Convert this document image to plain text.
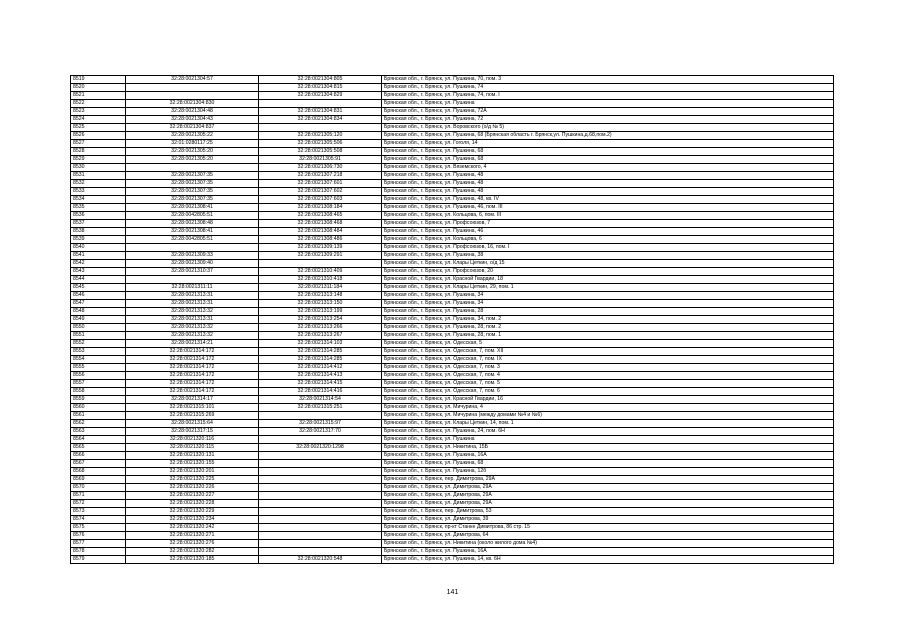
8519	32:28:0021304:57	32:28:0021304:805	Брянская обл., г. Брянск, ул. Пушкина, 70, пом. 3
8520		32:28:0021304:815	Брянская обл., г. Брянск, ул. Пушкина, 74
8521		32:28:0021304:829	Брянская обл., г. Брянск, ул. Пушкина, 74, пом. I
8522	32:28:0021304:830		Брянская обл., г. Брянск, ул. Пушкина
8523	32:28:0021304:48	32:28:0021304:831	Брянская обл., г. Брянск, ул. Пушкина, 72А
8524	32:28:0021304:43	32:28:0021304:834	Брянская обл., г. Брянск, ул. Пушкина, 72
8525	32:28:0021304:837		Брянская обл., г. Брянск, ул. Воровского (о/д № 5)
8526	32:28:0021305:22	32:28:0021305:120	Брянская обл., г. Брянск, ул. Пушкина, 68 (Брянская область г. Брянск,ул. Пушкина,д.68,пом.2)
8527	32:01:0280117:25	32:28:0021305:506	Брянская обл., г. Брянск, ул. Гоголя, 14
8528	32:28:0021305:20	32:28:0021305:508	Брянская обл., г. Брянск, ул. Пушкина, 68
8529	32:28:0021305:20	32:28:0021305:91	Брянская обл., г. Брянск, ул. Пушкина, 68
8530		32:28:0021306:730	Брянская обл., г. Брянск, ул. Вяземского, 4
8531	32:28:0021307:35	32:28:0021307:218	Брянская обл., г. Брянск, ул. Пушкина, 48
8532	32:28:0021307:35	32:28:0021307:601	Брянская обл., г. Брянск, ул. Пушкина, 48
8533	32:28:0021307:35	32:28:0021307:602	Брянская обл., г. Брянск, ул. Пушкина, 48
8534	32:28:0021307:35	32:28:0021307:603	Брянская обл., г. Брянск, ул. Пушкина, 48, кв. IV
8535	32:28:0021308:41	32:28:0021308:184	Брянская обл., г. Брянск, ул. Пушкина, 46, пом. III
8536	32:28:0042805:51	32:28:0021308:465	Брянская обл., г. Брянск, ул. Кольцова, 6, пом. III
8537	32:28:0021308:48	32:28:0021308:468	Брянская обл., г. Брянск, ул. Профсоюзов, 7
8538	32:28:0021308:41	32:28:0021308:484	Брянская обл., г. Брянск, ул. Пушкина, 46
8539	32:28:0042805:51	32:28:0021308:486	Брянская обл., г. Брянск, ул. Кольцова, 6
8540		32:28:0021309:139	Брянская обл., г. Брянск, ул. Профсоюзов, 16, пом. I
8541	32:28:0021309:33	32:28:0021309:291	Брянская обл., г. Брянск, ул. Пушкина, 38
8542	32:28:0021309:40		Брянская обл., г. Брянск, ул. Клары Цеткин, о/д 15
8543	32:28:0021310:37	32:28:0021310:409	Брянская обл., г. Брянск, ул. Профсоюзов, 20
8544		32:28:0021310:418	Брянская обл., г. Брянск, ул. Красной Гвардии, 18
8545	32:28:0021311:11	32:28:0021311:184	Брянская обл., г. Брянск, ул. Клары Цеткин, 29, пом. 1
8546	32:28:0021313:31	32:28:0021313:148	Брянская обл., г. Брянск, ул. Пушкина, 34
8547	32:28:0021313:31	32:28:0021313:150	Брянская обл., г. Брянск, ул. Пушкина, 34
8548	32:28:0021313:32	32:28:0021313:199	Брянская обл., г. Брянск, ул. Пушкина, 28
8549	32:28:0021313:31	32:28:0021313:254	Брянская обл., г. Брянск, ул. Пушкина, 34, пом. 2
8550	32:28:0021313:32	32:28:0021313:266	Брянская обл., г. Брянск, ул. Пушкина, 28, пом. 2
8551	32:28:0021313:32	32:28:0021313:267	Брянская обл., г. Брянск, ул. Пушкина, 28, пом. 1
8552	32:28:0021314:21	32:28:0021314:103	Брянская обл., г. Брянск, ул. Одесская, 5
8553	32:28:0021314:172	32:28:0021314:285	Брянская обл., г. Брянск, ул. Одесская, 7, пом. XII
8554	32:28:0021314:172	32:28:0021314:285	Брянская обл., г. Брянск, ул. Одесская, 7, пом. IX
8555	32:28:0021314:172	32:28:0021314:412	Брянская обл., г. Брянск, ул. Одесская, 7, пом. 3
8556	32:28:0021314:172	32:28:0021314:413	Брянская обл., г. Брянск, ул. Одесская, 7, пом. 4
8557	32:28:0021314:172	32:28:0021314:415	Брянская обл., г. Брянск, ул. Одесская, 7, пом. 5
8558	32:28:0021314:172	32:28:0021314:416	Брянская обл., г. Брянск, ул. Одесская, 7, пом. 6
8559	32:28:0021314:17	32:28:0021314:54	Брянская обл., г. Брянск, ул. Красной Гвардии, 16
8560	32:28:0021315:101	32:28:0021315:251	Брянская обл., г. Брянск, ул. Мичурина, 4
8561	32:28:0021315:269		Брянская обл., г. Брянск, ул. Мичурина (между домами №4 и №6)
8562	32:28:0021315:64	32:28:0021315:97	Брянская обл., г. Брянск, ул. Клары Цеткин, 14, пом. 1
8563	32:28:0021317:15	32:28:0021317:70	Брянская обл., г. Брянск, ул. Пушкина, 24, пом. 6Н
8564	32:28:0021320:116		Брянская обл., г. Брянск, ул. Пушкина
8565	32:28:0021320:115	32:28:0021320:1298	Брянская обл., г. Брянск, ул. Никитина, 15Б
8566	32:28:0021320:131		Брянская обл., г. Брянск, ул. Пушкина, 16А
8567	32:28:0021320:155		Брянская обл., г. Брянск, ул. Пушкина, 68
8568	32:28:0021320:201		Брянская обл., г. Брянск, ул. Пушкина, 12б
8569	32:28:0021320:225		Брянская обл., г. Брянск, пер. Димитрова, 29А
8570	32:28:0021320:226		Брянская обл., г. Брянск, ул. Димитрова, 29А
8571	32:28:0021320:227		Брянская обл., г. Брянск, ул. Димитрова, 29А
8572	32:28:0021320:228		Брянская обл., г. Брянск, ул. Димитрова, 29А
8573	32:28:0021320:229		Брянская обл., г. Брянск, пер. Димитрова, 53
8574	32:28:0021320:234		Брянская обл., г. Брянск, ул. Димитрова, 39
8575	32:28:0021320:242		Брянская обл., г. Брянск, пр-кт Станке Димитрова, 86 стр. 15
8576	32:28:0021320:271		Брянская обл., г. Брянск, ул. Димитрова, 64
8577	32:28:0021320:276		Брянская обл., г. Брянск, ул. Никитина (около жилого дома №4)
8578	32:28:0021320:282		Брянская обл., г. Брянск, ул. Пушкина, 16А
8579	32:28:0021320:185	32:28:0021320:548	Брянская обл., г. Брянск, ул. Пушкина, 14, кв. 6Н
141
